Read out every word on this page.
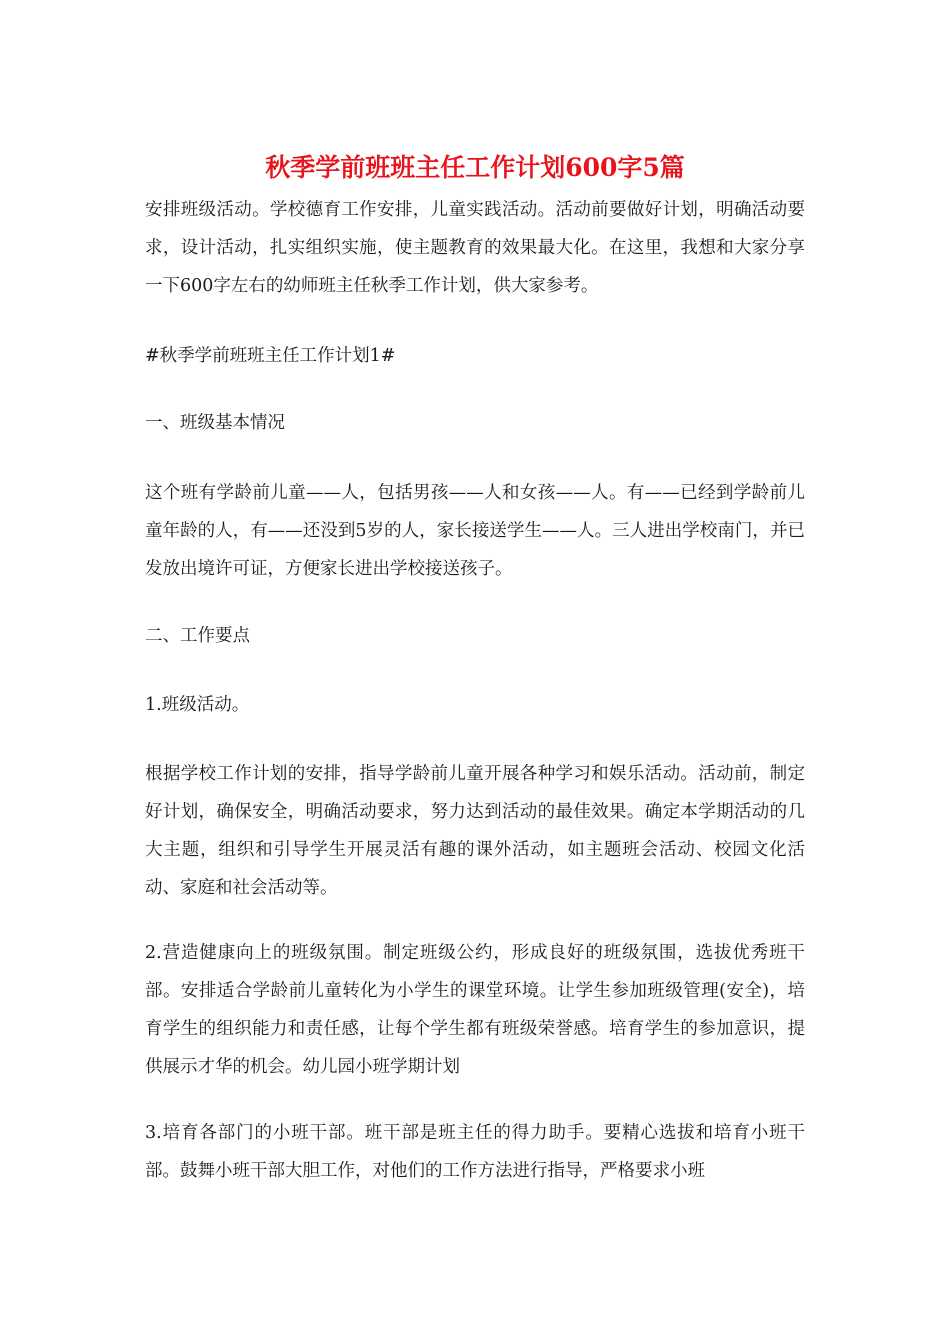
秋季学前班班主任工作计划600字5篇

安排班级活动。学校德育工作安排，儿童实践活动。活动前要做好计划，明确活动要求，设计活动，扎实组织实施，使主题教育的效果最大化。在这里，我想和大家分享一下600字左右的幼师班主任秋季工作计划，供大家参考。

#秋季学前班班主任工作计划1#

一、班级基本情况

这个班有学龄前儿童——人，包括男孩——人和女孩——人。有——已经到学龄前儿童年龄的人，有——还没到5岁的人，家长接送学生——人。三人进出学校南门，并已发放出境许可证，方便家长进出学校接送孩子。

二、工作要点

1.班级活动。

根据学校工作计划的安排，指导学龄前儿童开展各种学习和娱乐活动。活动前，制定好计划，确保安全，明确活动要求，努力达到活动的最佳效果。确定本学期活动的几大主题，组织和引导学生开展灵活有趣的课外活动，如主题班会活动、校园文化活动、家庭和社会活动等。

2.营造健康向上的班级氛围。制定班级公约，形成良好的班级氛围，选拔优秀班干部。安排适合学龄前儿童转化为小学生的课堂环境。让学生参加班级管理(安全)，培育学生的组织能力和责任感，让每个学生都有班级荣誉感。培育学生的参加意识，提供展示才华的机会。幼儿园小班学期计划

3.培育各部门的小班干部。班干部是班主任的得力助手。要精心选拔和培育小班干部。鼓舞小班干部大胆工作，对他们的工作方法进行指导，严格要求小班
